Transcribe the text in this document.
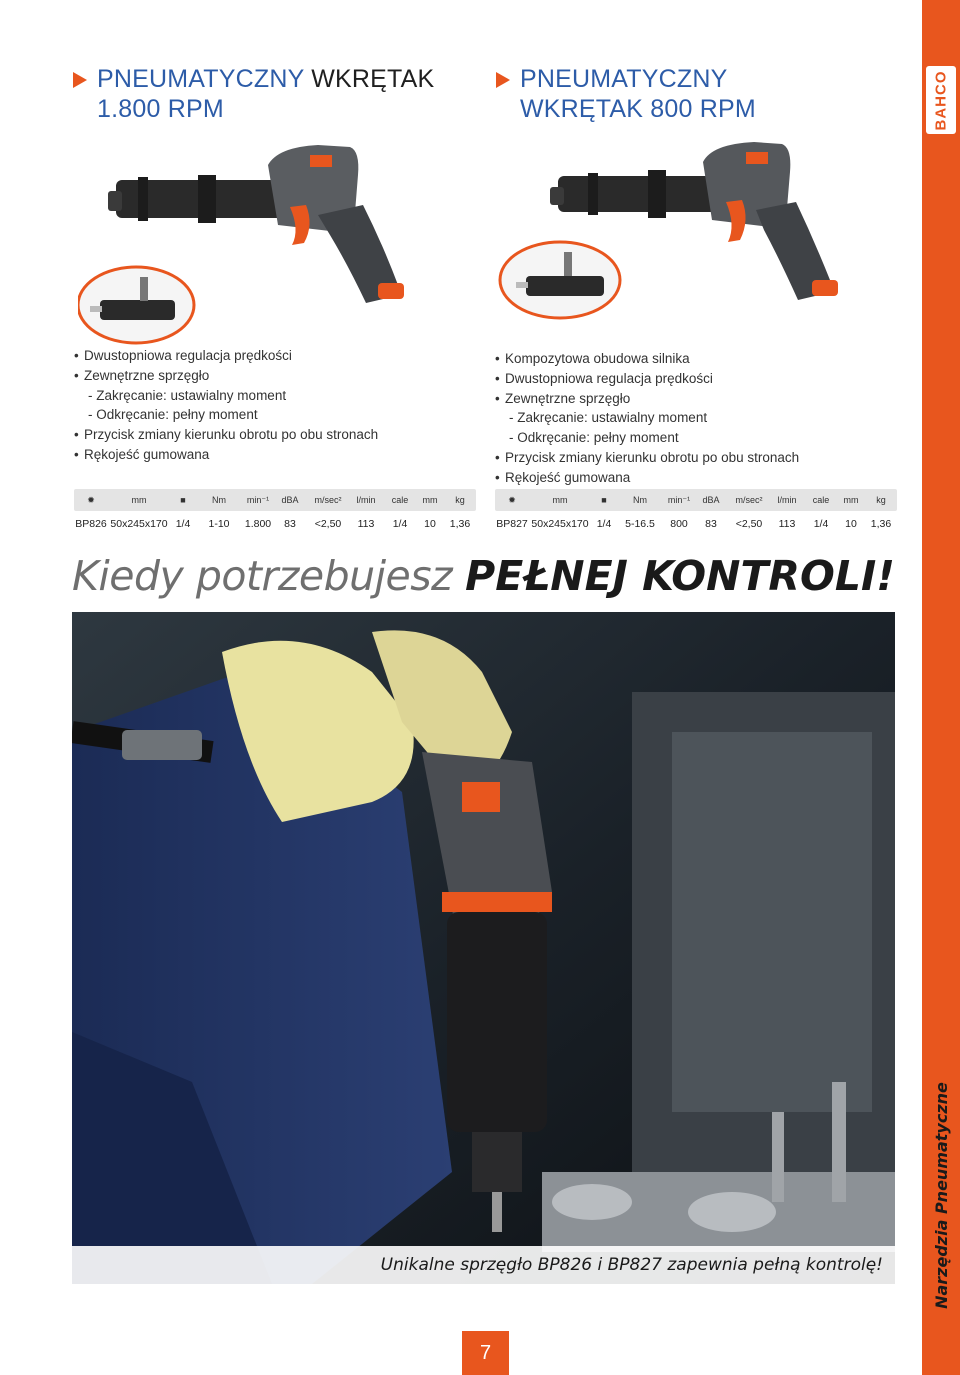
BAHCO
Narzędzia Pneumatyczne
PNEUMATYCZNY WKRĘTAK
1.800 RPM
PNEUMATYCZNY
WKRĘTAK 800 RPM
• Dwustopniowa regulacja prędkości
• Zewnętrzne sprzęgło
- Zakręcanie: ustawialny moment
- Odkręcanie: pełny moment
• Przycisk zmiany kierunku obrotu po obu stronach
• Rękojeść gumowana
• Kompozytowa obudowa silnika
• Dwustopniowa regulacja prędkości
• Zewnętrzne sprzęgło
- Zakręcanie: ustawialny moment
- Odkręcanie: pełny moment
• Przycisk zmiany kierunku obrotu po obu stronach
• Rękojeść gumowana
✹
BP826
mm
50x245x170
■
1/4
Nm
1-10
min⁻¹
1.800
dBA
83
m/sec²
<2,50
l/min
113
cale
1/4
mm
10
kg
1,36
✹
BP827
mm
50x245x170
■
1/4
Nm
5-16.5
min⁻¹
800
dBA
83
m/sec²
<2,50
l/min
113
cale
1/4
mm
10
kg
1,36
Kiedy potrzebujesz PEŁNEJ KONTROLI!
Unikalne sprzęgło BP826 i BP827 zapewnia pełną kontrolę!
7
